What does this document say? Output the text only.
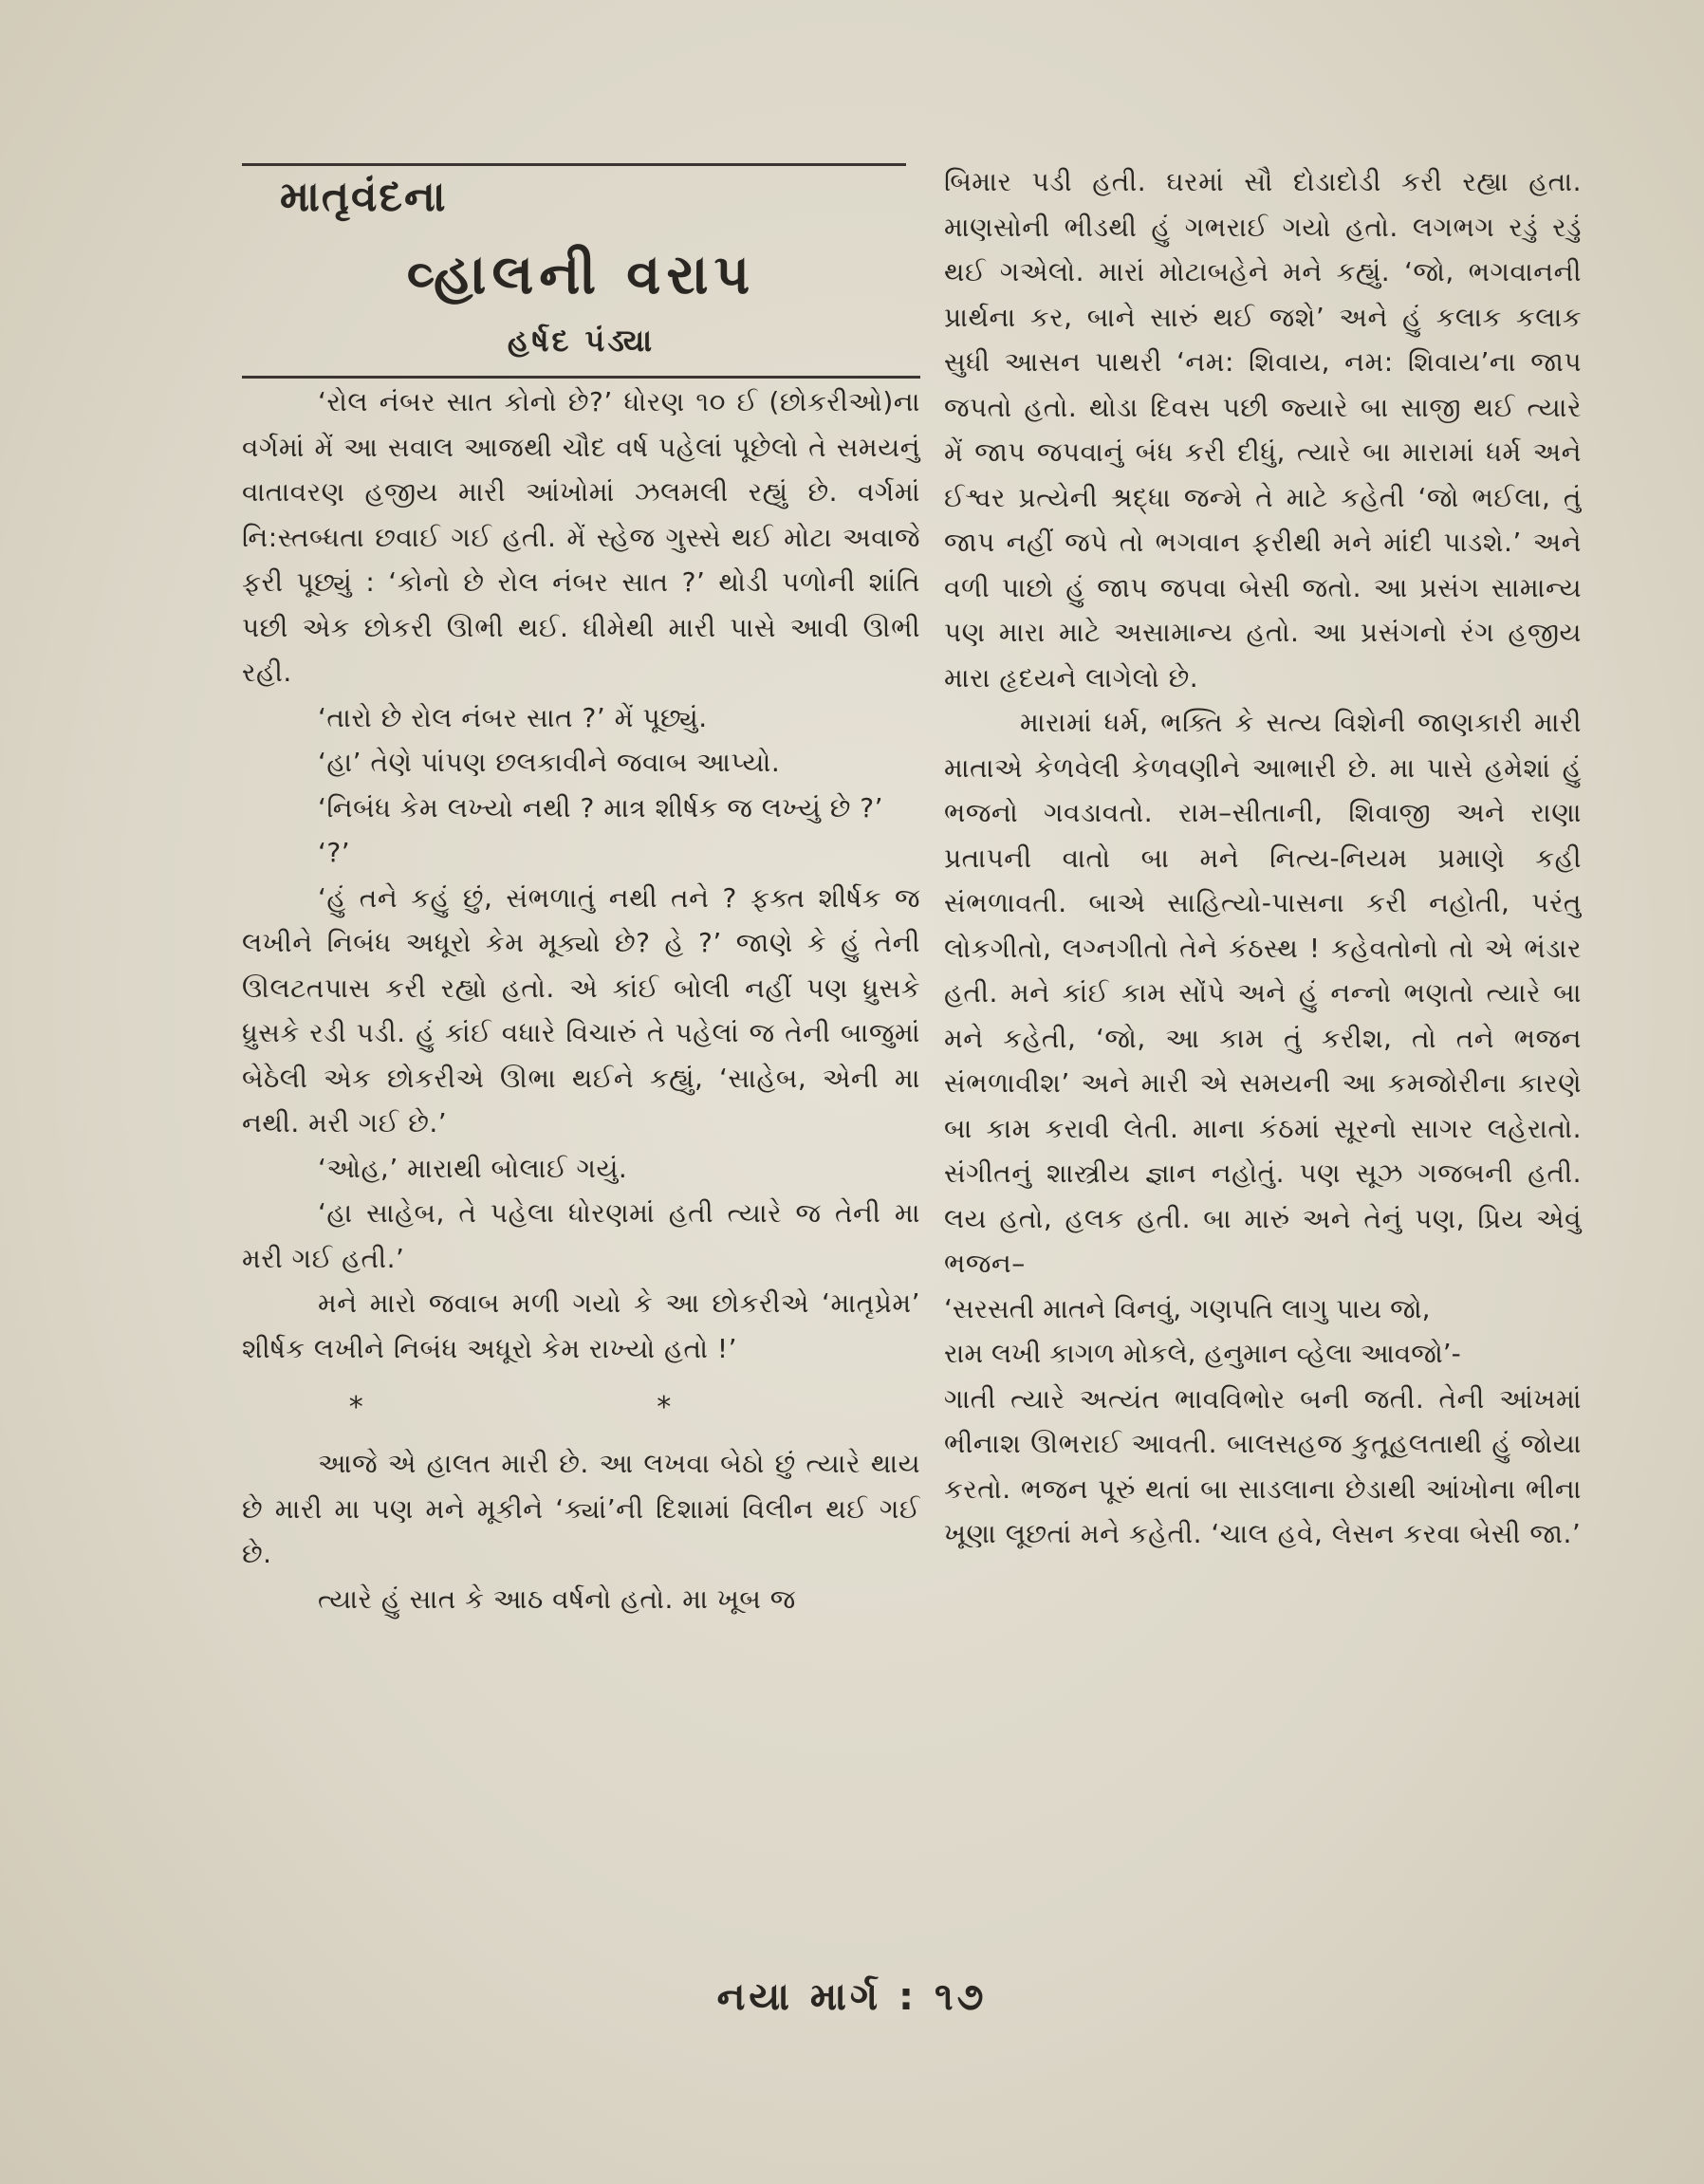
માતૃવંદના
વ્હાલની વરાપ
હર્ષદ પંડ્યા

‘રોલ નંબર સાત કોનો છે?’ ધોરણ ૧૦ ઈ (છોકરીઓ)ના વર્ગમાં મેં આ સવાલ આજથી ચૌદ વર્ષ પહેલાં પૂછેલો તે સમયનું વાતાવરણ હજીય મારી આંખોમાં ઝલમલી રહ્યું છે. વર્ગમાં નિ:સ્તબ્ધતા છવાઈ ગઈ હતી. મેં સ્હેજ ગુસ્સે થઈ મોટા અવાજે ફરી પૂછ્યું : ‘કોનો છે રોલ નંબર સાત ?’ થોડી પળોની શાંતિ પછી એક છોકરી ઊભી થઈ. ધીમેથી મારી પાસે આવી ઊભી રહી.

‘તારો છે રોલ નંબર સાત ?’ મેં પૂછ્યું.

‘હા’ તેણે પાંપણ છલકાવીને જવાબ આપ્યો.

‘નિબંધ કેમ લખ્યો નથી ? માત્ર શીર્ષક જ લખ્યું છે ?’

‘?’

‘હું તને કહું છું, સંભળાતું નથી તને ? ફક્ત શીર્ષક જ લખીને નિબંધ અધૂરો કેમ મૂક્યો છે? હે ?’ જાણે કે હું તેની ઊલટતપાસ કરી રહ્યો હતો. એ કાંઈ બોલી નહીં પણ ધ્રુસકે ધ્રુસકે રડી પડી. હું કાંઈ વધારે વિચારું તે પહેલાં જ તેની બાજુમાં બેઠેલી એક છોકરીએ ઊભા થઈને કહ્યું, ‘સાહેબ, એની મા નથી. મરી ગઈ છે.’

‘ઓહ,’ મારાથી બોલાઈ ગયું.

‘હા સાહેબ, તે પહેલા ધોરણમાં હતી ત્યારે જ તેની મા મરી ગઈ હતી.’

મને મારો જવાબ મળી ગયો કે આ છોકરીએ ‘માતૃપ્રેમ’ શીર્ષક લખીને નિબંધ અધૂરો કેમ રાખ્યો હતો !’

* *

આજે એ હાલત મારી છે. આ લખવા બેઠો છું ત્યારે થાય છે મારી મા પણ મને મૂકીને ‘ક્યાં’ની દિશામાં વિલીન થઈ ગઈ છે.

ત્યારે હું સાત કે આઠ વર્ષનો હતો. મા ખૂબ જ

બિમાર પડી હતી. ઘરમાં સૌ દોડાદોડી કરી રહ્યા હતા. માણસોની ભીડથી હું ગભરાઈ ગયો હતો. લગભગ રડું રડું થઈ ગએલો. મારાં મોટાબહેને મને કહ્યું. ‘જો, ભગવાનની પ્રાર્થના કર, બાને સારું થઈ જશે’ અને હું કલાક કલાક સુધી આસન પાથરી ‘નમ: શિવાય, નમ: શિવાય’ના જાપ જપતો હતો. થોડા દિવસ પછી જ્યારે બા સાજી થઈ ત્યારે મેં જાપ જપવાનું બંધ કરી દીધું, ત્યારે બા મારામાં ધર્મ અને ઈશ્વર પ્રત્યેની શ્રદ્ધા જન્મે તે માટે કહેતી ‘જો ભઈલા, તું જાપ નહીં જપે તો ભગવાન ફરીથી મને માંદી પાડશે.’ અને વળી પાછો હું જાપ જપવા બેસી જતો. આ પ્રસંગ સામાન્ય પણ મારા માટે અસામાન્ય હતો. આ પ્રસંગનો રંગ હજીય મારા હૃદયને લાગેલો છે.

મારામાં ધર્મ, ભક્તિ કે સત્ય વિશેની જાણકારી મારી માતાએ કેળવેલી કેળવણીને આભારી છે. મા પાસે હમેશાં હું ભજનો ગવડાવતો. રામ–સીતાની, શિવાજી અને રાણા પ્રતાપની વાતો બા મને નિત્ય-નિયમ પ્રમાણે કહી સંભળાવતી. બાએ સાહિત્યો-પાસના કરી નહોતી, પરંતુ લોકગીતો, લગ્નગીતો તેને કંઠસ્થ ! કહેવતોનો તો એ ભંડાર હતી. મને કાંઈ કામ સોંપે અને હું નન્નો ભણતો ત્યારે બા મને કહેતી, ‘જો, આ કામ તું કરીશ, તો તને ભજન સંભળાવીશ’ અને મારી એ સમયની આ કમજોરીના કારણે બા કામ કરાવી લેતી. માના કંઠમાં સૂરનો સાગર લહેરાતો. સંગીતનું શાસ્ત્રીય જ્ઞાન નહોતું. પણ સૂઝ ગજબની હતી. લય હતો, હલક હતી. બા મારું અને તેનું પણ, પ્રિય એવું ભજન–

‘સરસતી માતને વિનવું, ગણપતિ લાગુ પાય જો,

રામ લખી કાગળ મોકલે, હનુમાન વ્હેલા આવજો’-

ગાતી ત્યારે અત્યંત ભાવવિભોર બની જતી. તેની આંખમાં ભીનાશ ઊભરાઈ આવતી. બાલસહજ કુતૂહલતાથી હું જોયા કરતો. ભજન પૂરું થતાં બા સાડલાના છેડાથી આંખોના ભીના ખૂણા લૂછતાં મને કહેતી. ‘ચાલ હવે, લેસન કરવા બેસી જા.’

નયા માર્ગ : ૧૭
